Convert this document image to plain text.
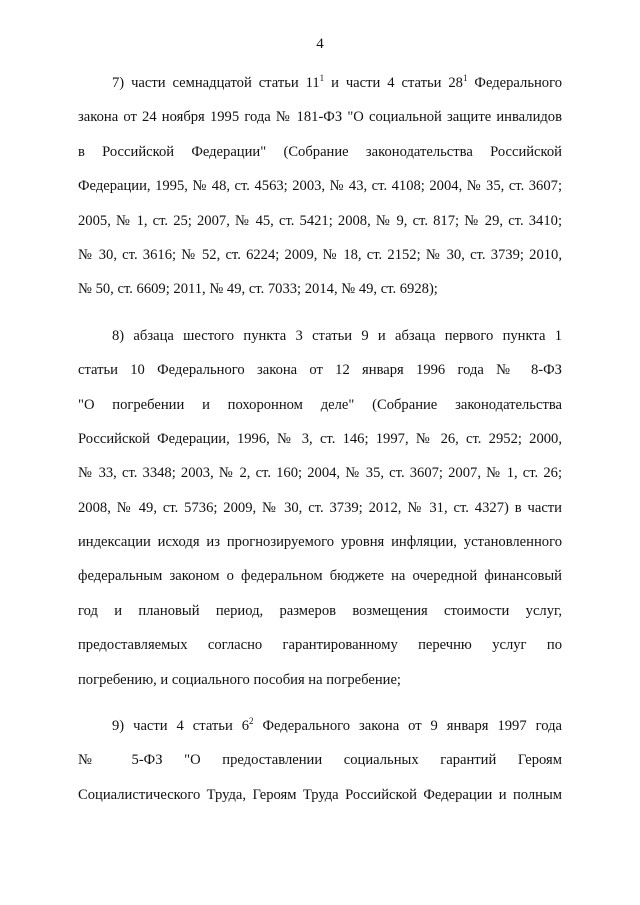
4
7) части семнадцатой статьи $11^1$ и части 4 статьи $28^1$ Федерального
закона от 24 ноября 1995 года № 181-ФЗ "О социальной защите инвалидов
в Российской Федерации" (Собрание законодательства Российской
Федерации, 1995, № 48, ст. 4563; 2003, № 43, ст. 4108; 2004, № 35, ст. 3607;
2005, № 1, ст. 25; 2007, № 45, ст. 5421; 2008, № 9, ст. 817; № 29, ст. 3410;
№ 30, ст. 3616; № 52, ст. 6224; 2009, № 18, ст. 2152; № 30, ст. 3739; 2010,
№ 50, ст. 6609; 2011, № 49, ст. 7033; 2014, № 49, ст. 6928);
8) абзаца шестого пункта 3 статьи 9 и абзаца первого пункта 1
статьи 10 Федерального закона от 12 января 1996 года № 8-ФЗ
"О погребении и похоронном деле" (Собрание законодательства
Российской Федерации, 1996, № 3, ст. 146; 1997, № 26, ст. 2952; 2000,
№ 33, ст. 3348; 2003, № 2, ст. 160; 2004, № 35, ст. 3607; 2007, № 1, ст. 26;
2008, № 49, ст. 5736; 2009, № 30, ст. 3739; 2012, № 31, ст. 4327) в части
индексации исходя из прогнозируемого уровня инфляции, установленного
федеральным законом о федеральном бюджете на очередной финансовый
год и плановый период, размеров возмещения стоимости услуг,
предоставляемых согласно гарантированному перечню услуг по
погребению, и социального пособия на погребение;
9) части 4 статьи $6^2$ Федерального закона от 9 января 1997 года
№ 5-ФЗ "О предоставлении социальных гарантий Героям
Социалистического Труда, Героям Труда Российской Федерации и полным
